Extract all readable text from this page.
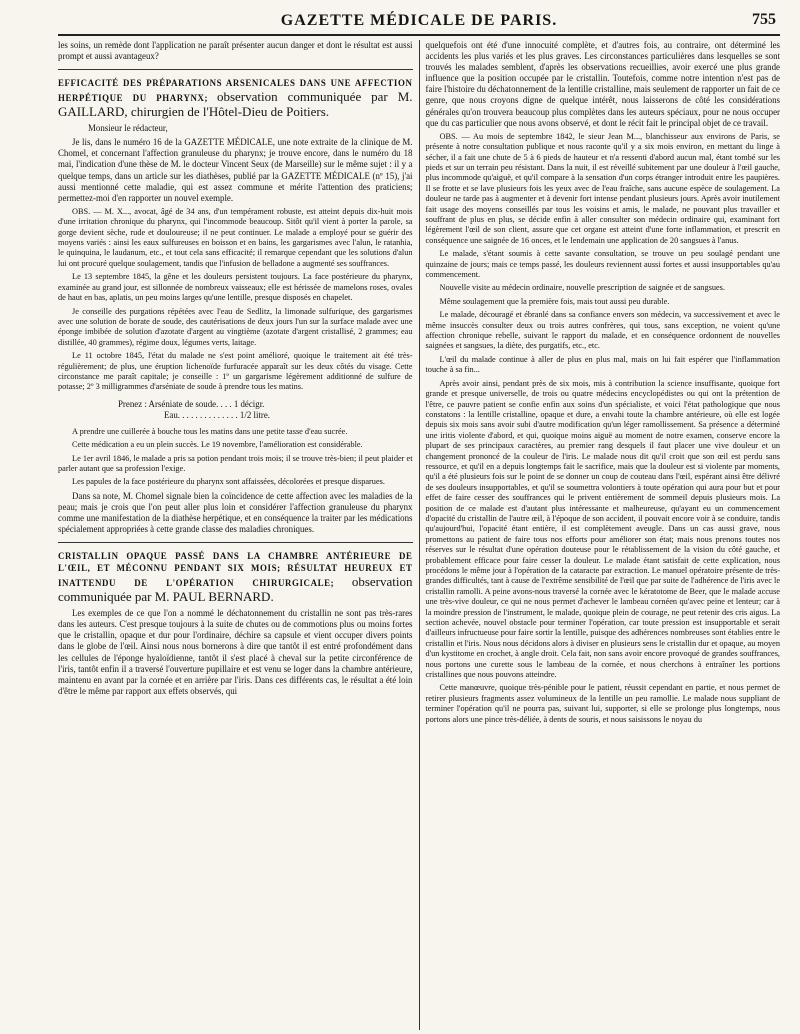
GAZETTE MÉDICALE DE PARIS.	755

les soins, un remède dont l'application ne paraît présenter aucun danger et dont le résultat est aussi prompt et aussi avantageux?

EFFICACITÉ DES PRÉPARATIONS ARSENICALES DANS UNE AFFECTION HERPÉTIQUE DU PHARYNX; observation communiquée par M. GAILLARD, chirurgien de l'Hôtel-Dieu de Poitiers.

Monsieur le rédacteur,

Je lis, dans le numéro 16 de la GAZETTE MÉDICALE, une note extraite de la clinique de M. Chomel, et concernant l'affection granuleuse du pharynx; je trouve encore, dans le numéro du 18 mai, l'indication d'une thèse de M. le docteur Vincent Seux (de Marseille) sur le même sujet : il y a quelque temps, dans un article sur les diathèses, publié par la GAZETTE MÉDICALE (nº 15), j'ai aussi mentionné cette maladie, qui est assez commune et mérite l'attention des praticiens; permettez-moi d'en rapporter un nouvel exemple.

OBS. — M. X..., avocat, âgé de 34 ans, d'un tempérament robuste, est atteint depuis dix-huit mois d'une irritation chronique du pharynx, qui l'incommode beaucoup. Sitôt qu'il vient à porter la parole, sa gorge devient sèche, rude et douloureuse; il ne peut continuer. Le malade a employé pour se guérir des moyens variés : ainsi les eaux sulfureuses en boisson et en bains, les gargarismes avec l'alun, le ratanhia, le quinquina, le laudanum, etc., et tout cela sans efficacité; il remarque cependant que les solutions d'alun lui ont procuré quelque soulagement, tandis que l'infusion de belladone a augmenté ses souffrances.

Le 13 septembre 1845, la gêne et les douleurs persistent toujours. La face postérieure du pharynx, examinée au grand jour, est sillonnée de nombreux vaisseaux; elle est hérissée de mamelons roses, ovales de haut en bas, aplatis, un peu moins larges qu'une lentille, presque disposés en chapelet.

Je conseille des purgations répétées avec l'eau de Sedlitz, la limonade sulfurique, des gargarismes avec une solution de borate de soude, des cautérisations de deux jours l'un sur la surface malade avec une éponge imbibée de solution d'azotate d'argent au vingtième (azotate d'argent cristallisé, 2 grammes; eau distillée, 40 grammes), régime doux, légumes verts, laitage.

Le 11 octobre 1845, l'état du malade ne s'est point amélioré, quoique le traitement ait été très-régulièrement; de plus, une éruption lichenoïde furfuracée apparaît sur les deux côtés du visage. Cette circonstance me paraît capitale; je conseille : 1º un gargarisme légèrement additionné de sulfure de potasse; 2º 3 milligrammes d'arséniate de soude à prendre tous les matins.

Prenez : Arséniate de soude. . . . 1 décigr.
Eau. . . . . . . . . . . . . . 1/2 litre.

A prendre une cuillerée à bouche tous les matins dans une petite tasse d'eau sucrée.

Cette médication a eu un plein succès. Le 19 novembre, l'amélioration est considérable.

Le 1er avril 1846, le malade a pris sa potion pendant trois mois; il se trouve très-bien; il peut plaider et parler autant que sa profession l'exige.

Les papules de la face postérieure du pharynx sont affaissées, décolorées et presque disparues.

Dans sa note, M. Chomel signale bien la coïncidence de cette affection avec les maladies de la peau; mais je crois que l'on peut aller plus loin et considérer l'affection granuleuse du pharynx comme une manifestation de la diathèse herpétique, et en conséquence la traiter par les médications spécialement appropriées à cette grande classe des maladies chroniques.

CRISTALLIN OPAQUE PASSÉ DANS LA CHAMBRE ANTÉRIEURE DE L'ŒIL, ET MÉCONNU PENDANT SIX MOIS; RÉSULTAT HEUREUX ET INATTENDU DE L'OPÉRATION CHIRURGICALE; observation communiquée par M. PAUL BERNARD.

Les exemples de ce que l'on a nommé le déchatonnement du cristallin ne sont pas très-rares dans les auteurs. C'est presque toujours à la suite de chutes ou de commotions plus ou moins fortes que le cristallin, opaque et dur pour l'ordinaire, déchire sa capsule et vient occuper divers points dans le globe de l'œil. Ainsi nous nous bornerons à dire que tantôt il est entré profondément dans les cellules de l'éponge hyaloïdienne, tantôt il s'est placé à cheval sur la petite circonférence de l'iris, tantôt enfin il a traversé l'ouverture pupillaire et est venu se loger dans la chambre antérieure, maintenu en avant par la cornée et en arrière par l'iris. Dans ces différents cas, le résultat a été loin d'être le même par rapport aux effets observés, qui

quelquefois ont été d'une innocuité complète, et d'autres fois, au contraire, ont déterminé les accidents les plus variés et les plus graves. Les circonstances particulières dans lesquelles se sont trouvés les malades semblent, d'après les observations recueillies, avoir exercé une plus grande influence que la position occupée par le cristallin. Toutefois, comme notre intention n'est pas de faire l'histoire du déchatonnement de la lentille cristalline, mais seulement de rapporter un fait de ce genre, que nous croyons digne de quelque intérêt, nous laisserons de côté les considérations générales qu'on trouvera beaucoup plus complètes dans les auteurs spéciaux, pour ne nous occuper que du cas particulier que nous avons observé, et dont le récit fait le principal objet de ce travail.

OBS. — Au mois de septembre 1842, le sieur Jean M..., blanchisseur aux environs de Paris, se présente à notre consultation publique et nous raconte qu'il y a six mois environ, en mettant du linge à sécher, il a fait une chute de 5 à 6 pieds de hauteur et n'a ressenti d'abord aucun mal, étant tombé sur les pieds et sur un terrain peu résistant. Dans la nuit, il est réveillé subitement par une douleur à l'œil gauche, plus incommode qu'aiguë, et qu'il compare à la sensation d'un corps étranger introduit entre les paupières. Il se frotte et se lave plusieurs fois les yeux avec de l'eau fraîche, sans aucune espèce de soulagement. La douleur ne tarde pas à augmenter et à devenir fort intense pendant plusieurs jours. Après avoir inutilement fait usage des moyens conseillés par tous les voisins et amis, le malade, ne pouvant plus travailler et souffrant de plus en plus, se décide enfin à aller consulter son médecin ordinaire qui, examinant fort légèrement l'œil de son client, assure que cet organe est atteint d'une forte inflammation, et prescrit en conséquence une saignée de 16 onces, et le lendemain une application de 20 sangsues à l'anus.

Le malade, s'étant soumis à cette savante consultation, se trouve un peu soulagé pendant une quinzaine de jours; mais ce temps passé, les douleurs reviennent aussi fortes et aussi insupportables qu'au commencement.

Nouvelle visite au médecin ordinaire, nouvelle prescription de saignée et de sangsues.

Même soulagement que la première fois, mais tout aussi peu durable.

Le malade, découragé et ébranlé dans sa confiance envers son médecin, va successivement et avec le même insuccès consulter deux ou trois autres confrères, qui tous, sans exception, ne voient qu'une affection chronique rebelle, suivant le rapport du malade, et en conséquence ordonnent de nouvelles saignées et sangsues, la diète, des purgatifs, etc., etc.

L'œil du malade continue à aller de plus en plus mal, mais on lui fait espérer que l'inflammation touche à sa fin...

Après avoir ainsi, pendant près de six mois, mis à contribution la science insuffisante, quoique fort grande et presque universelle, de trois ou quatre médecins encyclopédistes ou qui ont la prétention de l'être, ce pauvre patient se confie enfin aux soins d'un spécialiste, et voici l'état pathologique que nous constatons : la lentille cristalline, opaque et dure, a envahi toute la chambre antérieure, où elle est logée depuis six mois sans avoir subi d'autre modification qu'un léger ramollissement. Sa présence a déterminé une iritis violente d'abord, et qui, quoique moins aiguë au moment de notre examen, conserve encore la plupart de ses principaux caractères, au premier rang desquels il faut placer une vive douleur et un changement prononcé de la couleur de l'iris. Le malade nous dit qu'il croit que son œil est perdu sans ressource, et qu'il en a depuis longtemps fait le sacrifice, mais que la douleur est si violente par moments, qu'il a été plusieurs fois sur le point de se donner un coup de couteau dans l'œil, espérant ainsi être délivré de ses douleurs insupportables, et qu'il se soumettra volontiers à toute opération qui aura pour but et pour effet de faire cesser des souffrances qui le privent entièrement de sommeil depuis plusieurs mois. La position de ce malade est d'autant plus intéressante et malheureuse, qu'ayant eu un commencement d'opacité du cristallin de l'autre œil, à l'époque de son accident, il pouvait encore voir à se conduire, tandis qu'aujourd'hui, l'opacité étant entière, il est complètement aveugle. Dans un cas aussi grave, nous promettons au patient de faire tous nos efforts pour améliorer son état; mais nous prenons toutes nos réserves sur le résultat d'une opération douteuse pour le rétablissement de la vision du côté gauche, et probablement efficace pour faire cesser la douleur. Le malade étant satisfait de cette explication, nous procédons le même jour à l'opération de la cataracte par extraction. Le manuel opératoire présente de très-grandes difficultés, tant à cause de l'extrême sensibilité de l'œil que par suite de l'adhérence de l'iris avec le cristallin ramolli. A peine avons-nous traversé la cornée avec le kératotome de Beer, que le malade accuse une très-vive douleur, ce qui ne nous permet d'achever le lambeau cornéen qu'avec peine et lenteur; car à la moindre pression de l'instrument, le malade, quoique plein de courage, ne peut retenir des cris aigus. La section achevée, nouvel obstacle pour terminer l'opération, car toute pression est insupportable et serait d'ailleurs infructueuse pour faire sortir la lentille, puisque des adhérences nombreuses sont établies entre le cristallin et l'iris. Nous nous décidons alors à diviser en plusieurs sens le cristallin dur et opaque, au moyen d'un kystitome en crochet, à angle droit. Cela fait, non sans avoir encore provoqué de grandes souffrances, nous portons une curette sous le lambeau de la cornée, et nous cherchons à entraîner les portions cristallines que nous pouvons atteindre.

Cette manœuvre, quoique très-pénible pour le patient, réussit cependant en partie, et nous permet de retirer plusieurs fragments assez volumineux de la lentille un peu ramollie. Le malade nous suppliant de terminer l'opération qu'il ne pourra pas, suivant lui, supporter, si elle se prolonge plus longtemps, nous portons alors une pince très-déliée, à dents de souris, et nous saisissons le noyau du
